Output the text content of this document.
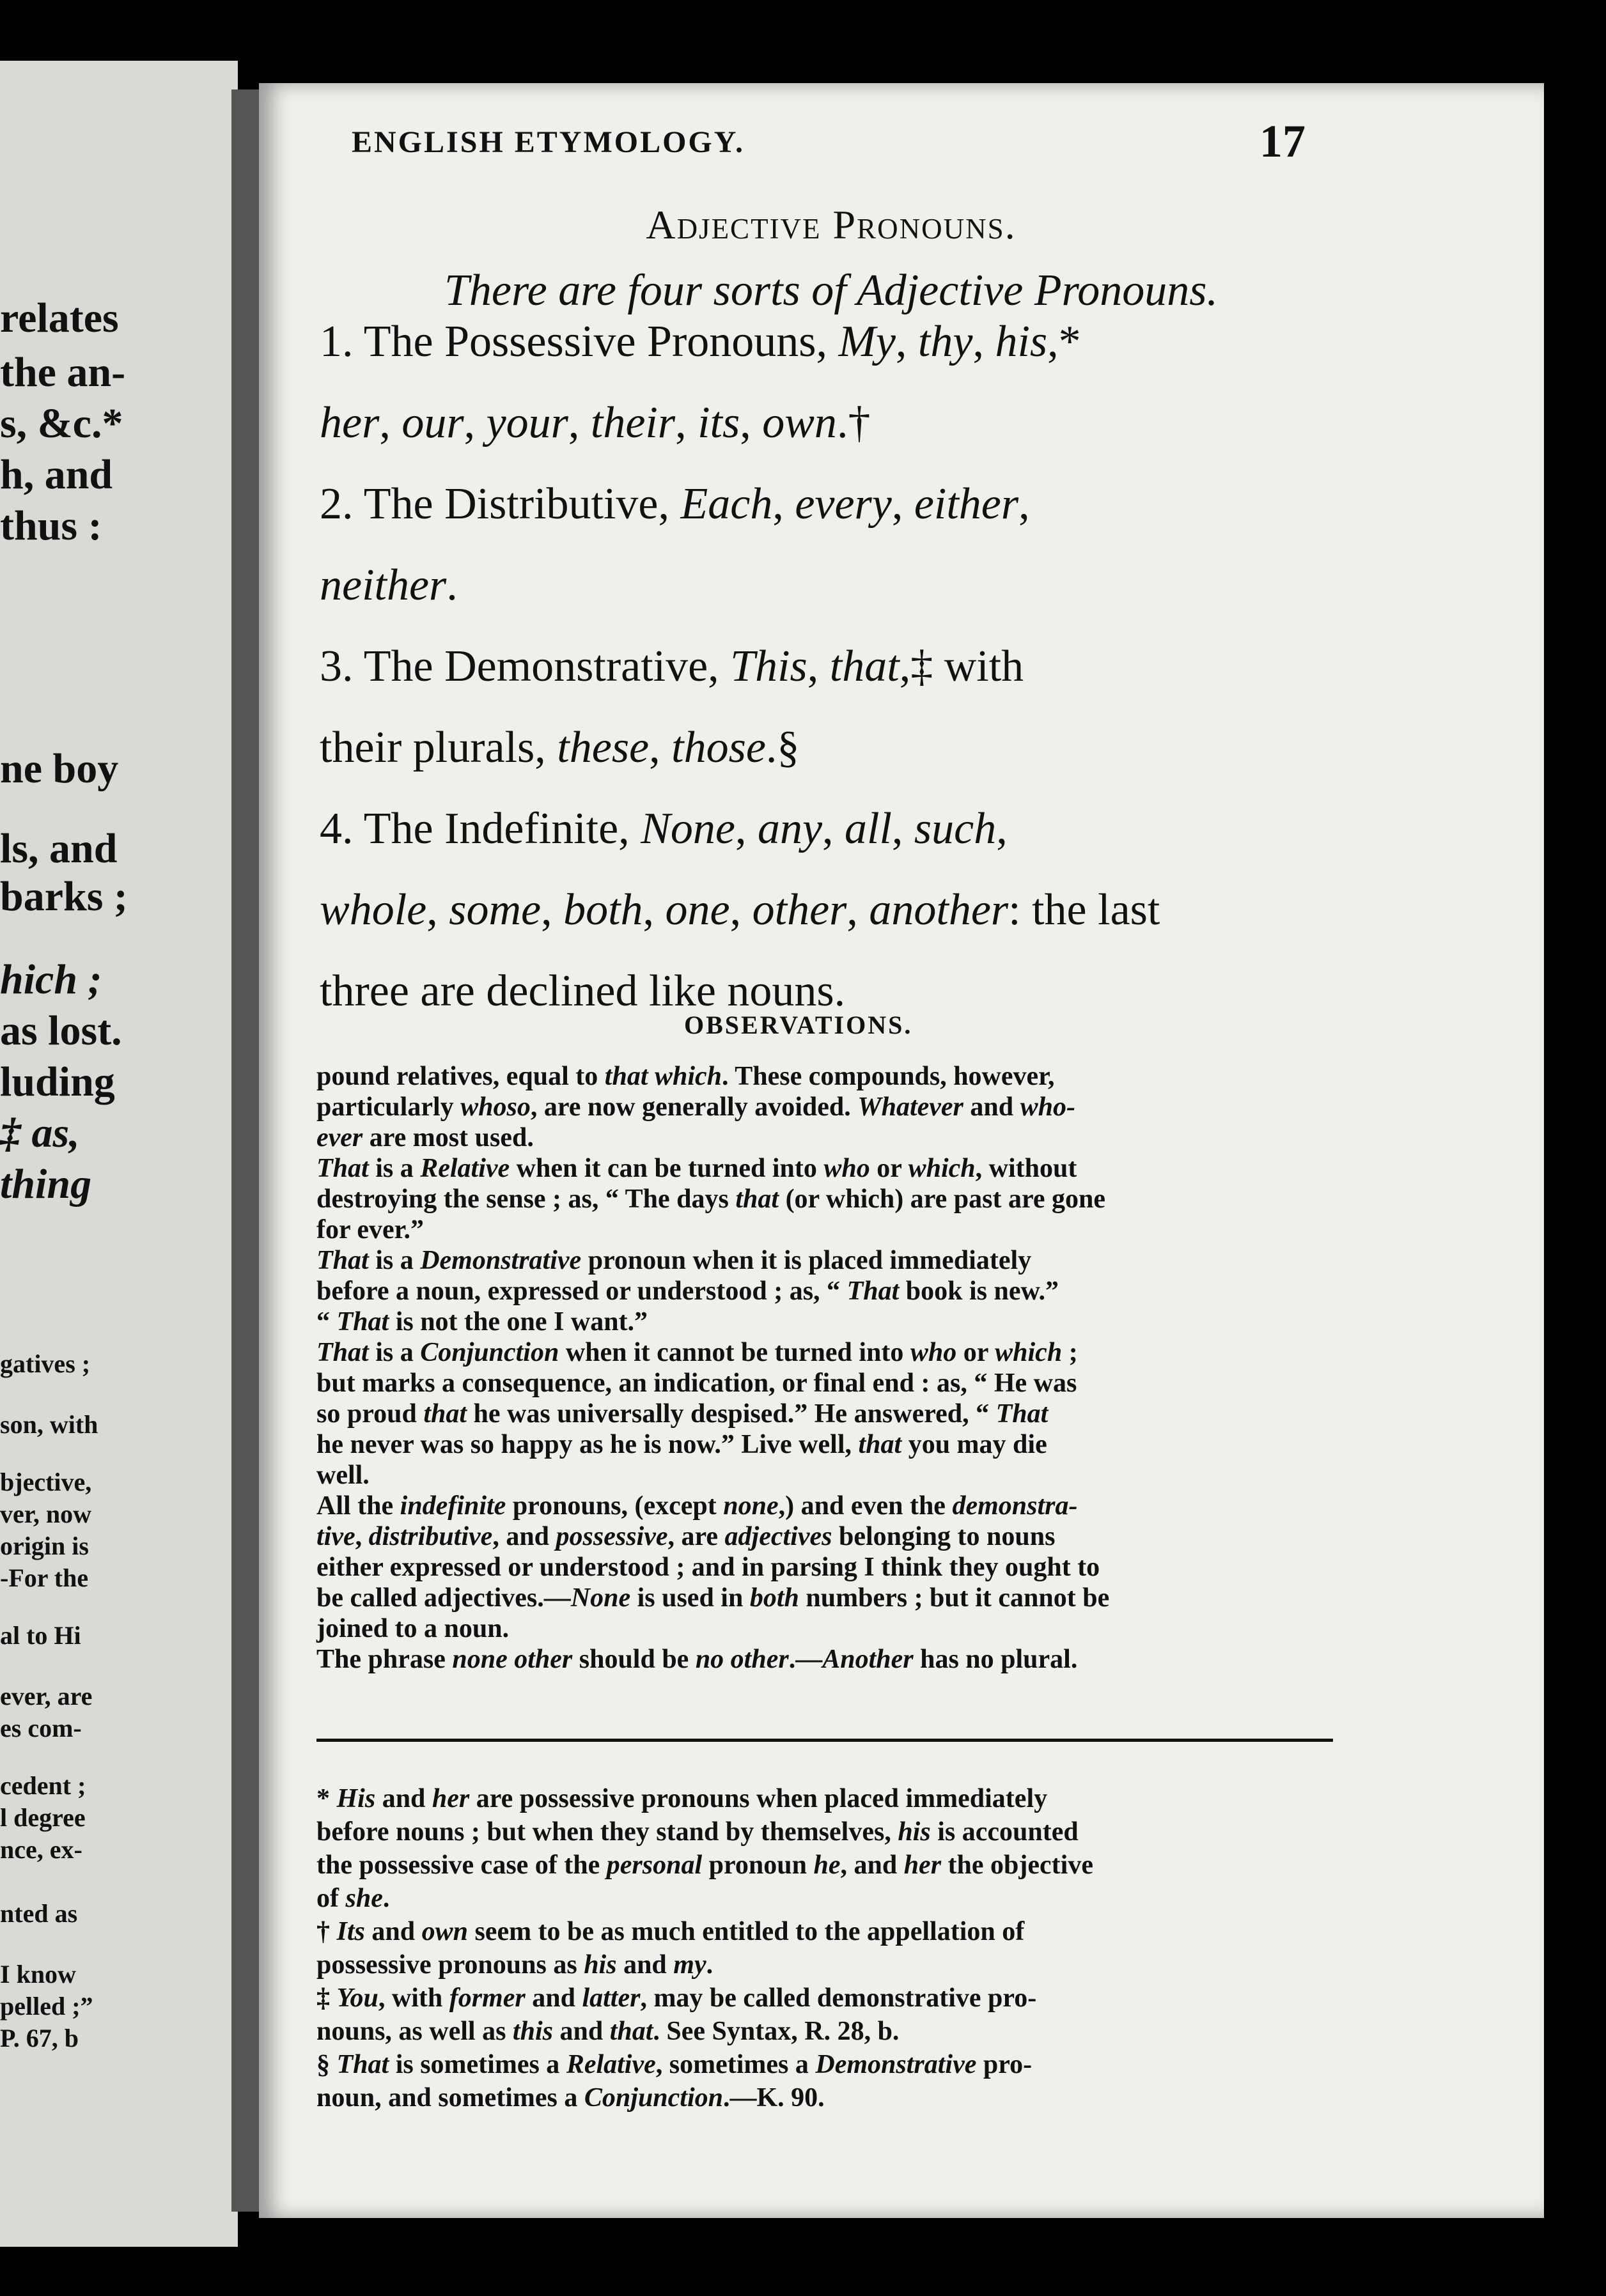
relates
the an-
s, &c.*
h, and
thus :
ne boy
ls, and
barks ;
hich ;
as lost.
luding
‡ as,
thing
gatives ;
son, with
bjective,
ver, now
origin is
-For the
al to Hi
ever, are
es com-
cedent ;
l degree
nce, ex-
nted as
I know
pelled ;”
P. 67, b
ENGLISH ETYMOLOGY.	17
Adjective Pronouns.
There are four sorts of Adjective Pronouns.
1. The Possessive Pronouns, My, thy, his,*
her, our, your, their, its, own.†
2. The Distributive, Each, every, either,
neither.
3. The Demonstrative, This, that,‡ with
their plurals, these, those.§
4. The Indefinite, None, any, all, such,
whole, some, both, one, other, another: the last
three are declined like nouns.
OBSERVATIONS.
pound relatives, equal to that which. These compounds, however,
particularly whoso, are now generally avoided. Whatever and who-
ever are most used.
That is a Relative when it can be turned into who or which, without
destroying the sense ; as, “ The days that (or which) are past are gone
for ever.”
That is a Demonstrative pronoun when it is placed immediately
before a noun, expressed or understood ; as, “ That book is new.”
“ That is not the one I want.”
That is a Conjunction when it cannot be turned into who or which ;
but marks a consequence, an indication, or final end : as, “ He was
so proud that he was universally despised.” He answered, “ That
he never was so happy as he is now.” Live well, that you may die
well.
All the indefinite pronouns, (except none,) and even the demonstra-
tive, distributive, and possessive, are adjectives belonging to nouns
either expressed or understood ; and in parsing I think they ought to
be called adjectives.—None is used in both numbers ; but it cannot be
joined to a noun.
The phrase none other should be no other.—Another has no plural.
* His and her are possessive pronouns when placed immediately
before nouns ; but when they stand by themselves, his is accounted
the possessive case of the personal pronoun he, and her the objective
of she.
† Its and own seem to be as much entitled to the appellation of
possessive pronouns as his and my.
‡ You, with former and latter, may be called demonstrative pro-
nouns, as well as this and that. See Syntax, R. 28, b.
§ That is sometimes a Relative, sometimes a Demonstrative pro-
noun, and sometimes a Conjunction.—K. 90.
